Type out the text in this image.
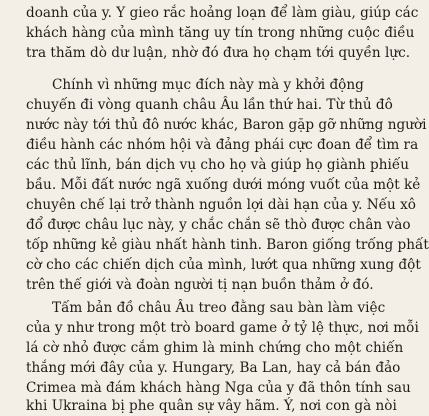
doanh của y. Y gieo rắc hoảng loạn để làm giàu, giúp các
khách hàng của mình tăng uy tín trong những cuộc điều
tra thăm dò dư luận, nhờ đó đưa họ chạm tới quyền lực.
Chính vì những mục đích này mà y khởi động
chuyến đi vòng quanh châu Âu lần thứ hai. Từ thủ đô
nước này tới thủ đô nước khác, Baron gặp gỡ những người
điều hành các nhóm hội và đảng phái cực đoan để tìm ra
các thủ lĩnh, bán dịch vụ cho họ và giúp họ giành phiếu
bầu. Mỗi đất nước ngã xuống dưới móng vuốt của một kẻ
chuyên chế lại trở thành nguồn lợi dài hạn của y. Nếu xô
đổ được châu lục này, y chắc chắn sẽ thò được chân vào
tốp những kẻ giàu nhất hành tinh. Baron giống trống phất
cờ cho các chiến dịch của mình, lướt qua những xung đột
trên thế giới và đoàn người tị nạn buồn thảm ở đó.
Tấm bản đồ châu Âu treo đằng sau bàn làm việc
của y như trong một trò board game ở tỷ lệ thực, nơi mỗi
lá cờ nhỏ được cắm ghim là minh chứng cho một chiến
thắng mới đây của y. Hungary, Ba Lan, hay cả bán đảo
Crimea mà đám khách hàng Nga của y đã thôn tính sau
khi Ukraina bị phe quân sự vây hãm. Ý, nơi con gà nòi
